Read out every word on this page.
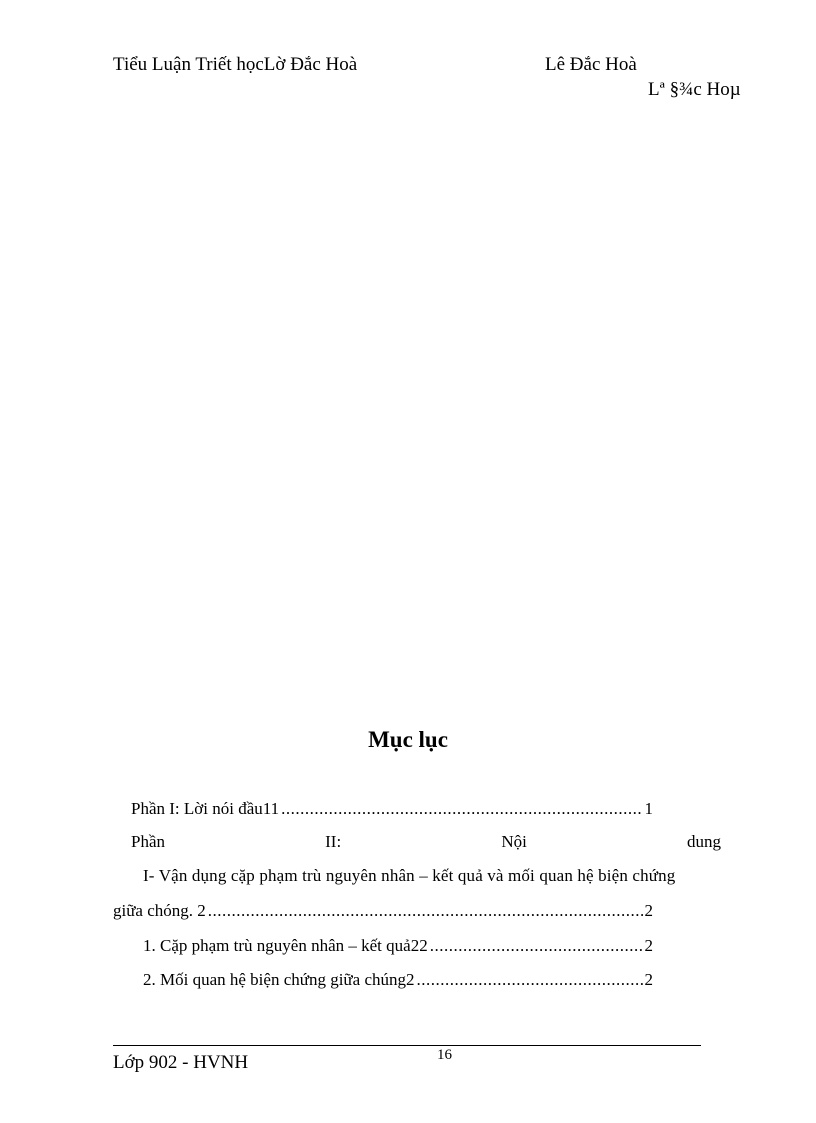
Tiểu Luận Triết họcLờ Đắc Hoà	Lê Đắc Hoà
Lª §¾c Hoµ
Mục lục
Phần I: Lời nói đầu11 .....	1
Phần	II:	Nội	dung
I- Vận dụng cặp phạm trù nguyên nhân – kết quả và mối quan hệ biện chứng
giữa chóng. 2 .....	2
1. Cặp phạm trù nguyên nhân – kết quả22 .....	2
2. Mối quan hệ biện chứng giữa chúng2 .....	2
16
Lớp 902 - HVNH
